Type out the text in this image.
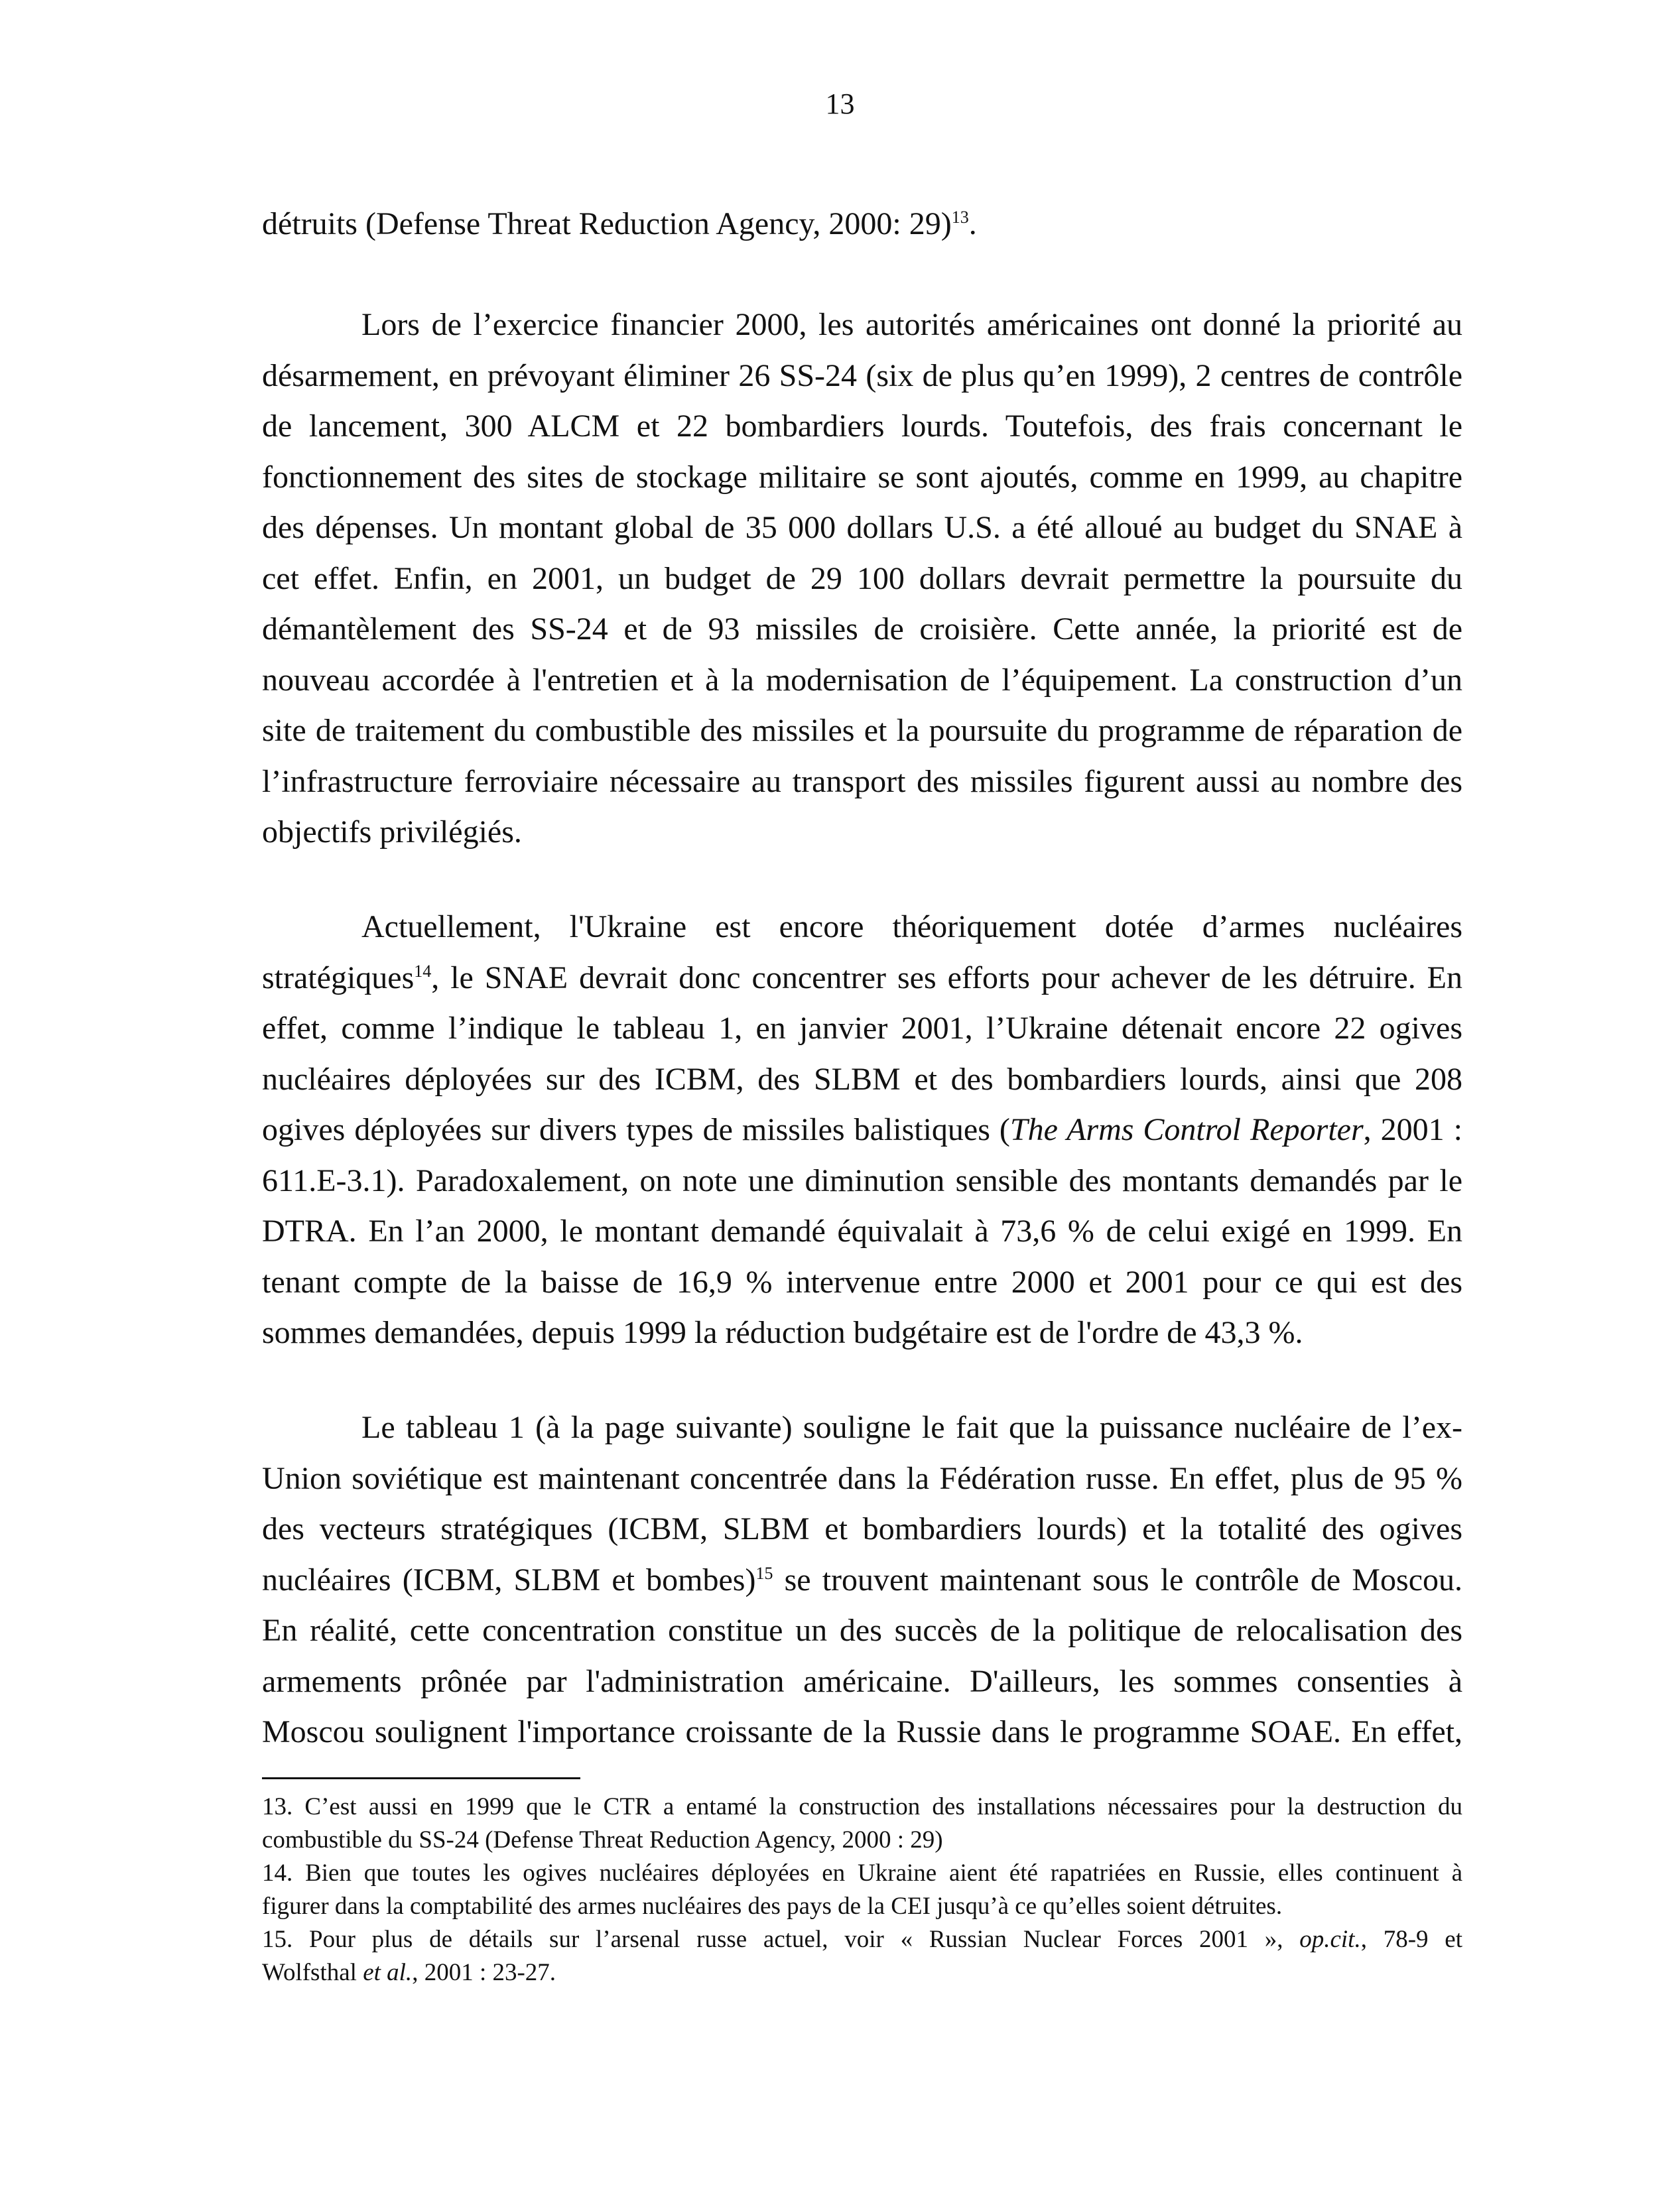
13

détruits (Defense Threat Reduction Agency, 2000: 29)$^{13}$.

Lors de l’exercice financier 2000, les autorités américaines ont donné la priorité au
désarmement, en prévoyant éliminer 26 SS-24 (six de plus qu’en 1999), 2 centres de contrôle
de lancement, 300 ALCM et 22 bombardiers lourds. Toutefois, des frais concernant le
fonctionnement des sites de stockage militaire se sont ajoutés, comme en 1999, au chapitre
des dépenses. Un montant global de 35 000 dollars U.S. a été alloué au budget du SNAE à
cet effet. Enfin, en 2001, un budget de 29 100 dollars devrait permettre la poursuite du
démantèlement des SS-24 et de 93 missiles de croisière. Cette année, la priorité est de
nouveau accordée à l'entretien et à la modernisation de l’équipement. La construction d’un
site de traitement du combustible des missiles et la poursuite du programme de réparation de
l’infrastructure ferroviaire nécessaire au transport des missiles figurent aussi au nombre des
objectifs privilégiés.

Actuellement, l'Ukraine est encore théoriquement dotée d’armes nucléaires
stratégiques$^{14}$, le SNAE devrait donc concentrer ses efforts pour achever de les détruire. En
effet, comme l’indique le tableau 1, en janvier 2001, l’Ukraine détenait encore 22 ogives
nucléaires déployées sur des ICBM, des SLBM et des bombardiers lourds, ainsi que 208
ogives déployées sur divers types de missiles balistiques (The Arms Control Reporter, 2001 :
611.E-3.1). Paradoxalement, on note une diminution sensible des montants demandés par le
DTRA. En l’an 2000, le montant demandé équivalait à 73,6 % de celui exigé en 1999. En
tenant compte de la baisse de 16,9 % intervenue entre 2000 et 2001 pour ce qui est des
sommes demandées, depuis 1999 la réduction budgétaire est de l'ordre de 43,3 %.

Le tableau 1 (à la page suivante) souligne le fait que la puissance nucléaire de l’ex-
Union soviétique est maintenant concentrée dans la Fédération russe. En effet, plus de 95 %
des vecteurs stratégiques (ICBM, SLBM et bombardiers lourds) et la totalité des ogives
nucléaires (ICBM, SLBM et bombes)$^{15}$ se trouvent maintenant sous le contrôle de Moscou.
En réalité, cette concentration constitue un des succès de la politique de relocalisation des
armements prônée par l'administration américaine. D'ailleurs, les sommes consenties à
Moscou soulignent l'importance croissante de la Russie dans le programme SOAE. En effet,

13. C’est aussi en 1999 que le CTR a entamé la construction des installations nécessaires pour la destruction du
combustible du SS-24 (Defense Threat Reduction Agency, 2000 : 29)
14. Bien que toutes les ogives nucléaires déployées en Ukraine aient été rapatriées en Russie, elles continuent à
figurer dans la comptabilité des armes nucléaires des pays de la CEI jusqu’à ce qu’elles soient détruites.
15. Pour plus de détails sur l’arsenal russe actuel, voir « Russian Nuclear Forces 2001 », op.cit., 78-9 et
Wolfsthal et al., 2001 : 23-27.
